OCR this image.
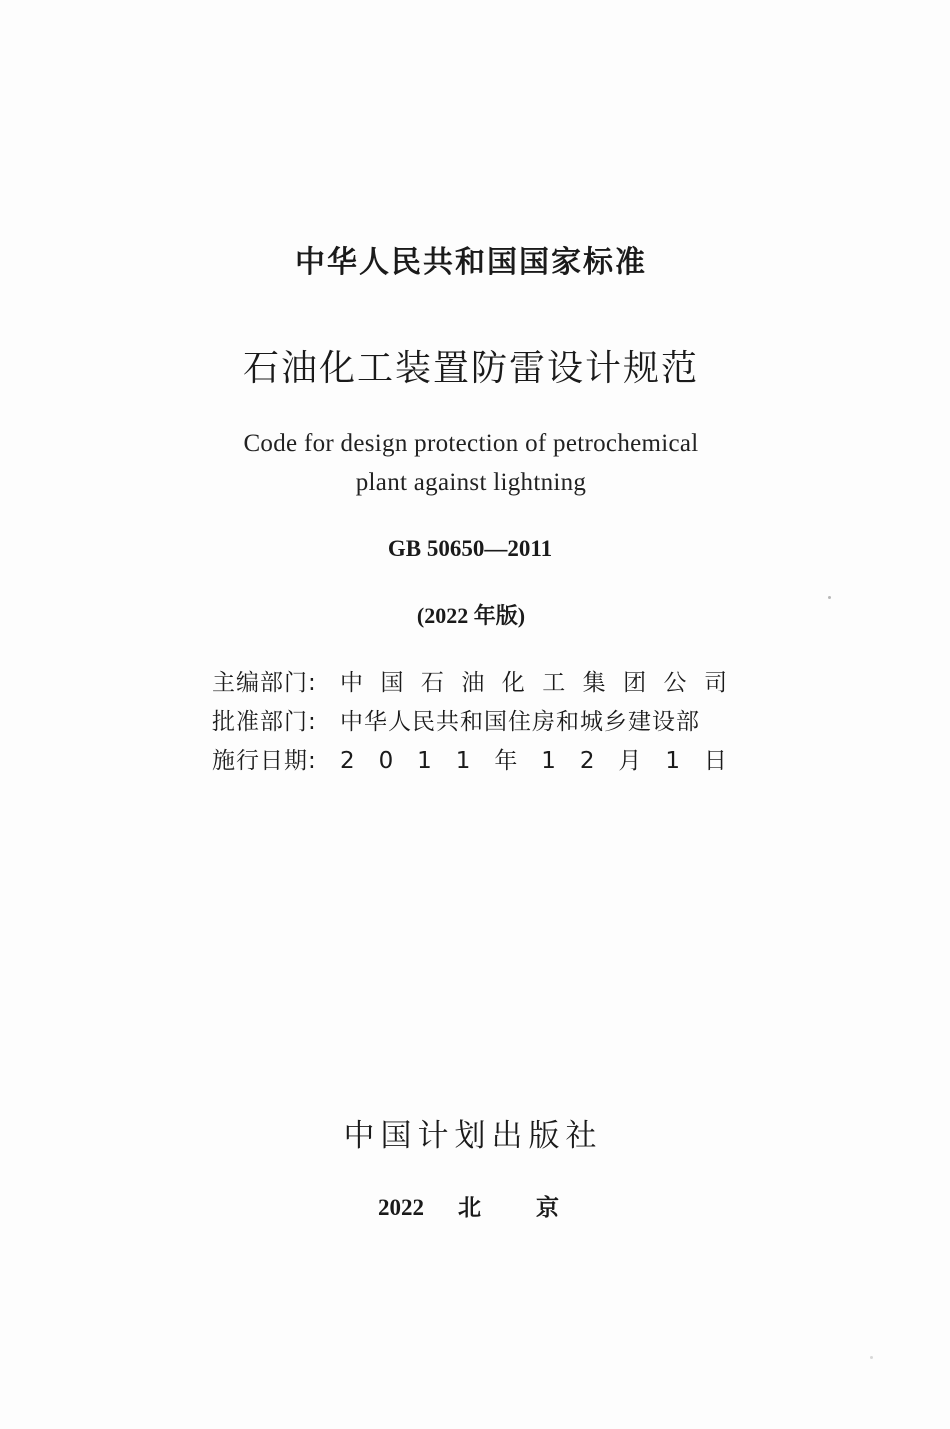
中华人民共和国国家标准
石油化工装置防雷设计规范
Code for design protection of petrochemical
plant against lightning
GB 50650—2011
(2022 年版)
主编部门:	中 国 石 油 化 工 集 团 公 司
批准部门:	中华人民共和国住房和城乡建设部
施行日期:	2 0 1 1 年 1 2 月 1 日
中国计划出版社
2022 北 京
